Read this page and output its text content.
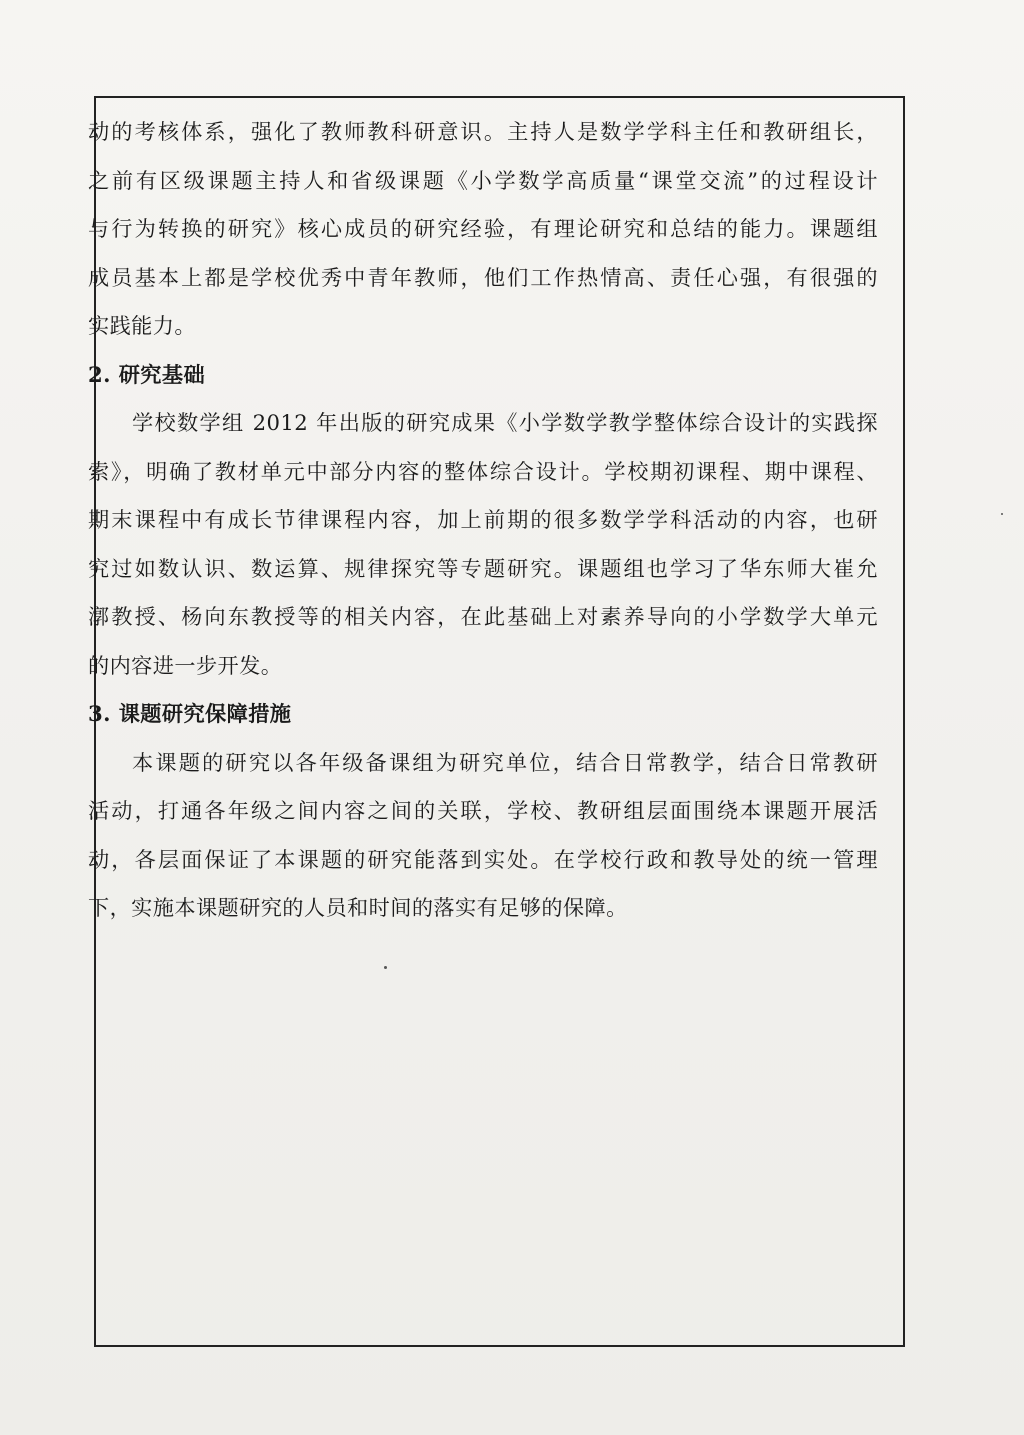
动的考核体系，强化了教师教科研意识。主持人是数学学科主任和教研组长，
之前有区级课题主持人和省级课题《小学数学高质量“课堂交流”的过程设计
与行为转换的研究》核心成员的研究经验，有理论研究和总结的能力。课题组
成员基本上都是学校优秀中青年教师，他们工作热情高、责任心强，有很强的
实践能力。
2. 研究基础
学校数学组 2012 年出版的研究成果《小学数学教学整体综合设计的实践探
索》，明确了教材单元中部分内容的整体综合设计。学校期初课程、期中课程、
期末课程中有成长节律课程内容，加上前期的很多数学学科活动的内容，也研
究过如数认识、数运算、规律探究等专题研究。课题组也学习了华东师大崔允
漷教授、杨向东教授等的相关内容，在此基础上对素养导向的小学数学大单元
的内容进一步开发。
3. 课题研究保障措施
本课题的研究以各年级备课组为研究单位，结合日常教学，结合日常教研
活动，打通各年级之间内容之间的关联，学校、教研组层面围绕本课题开展活
动，各层面保证了本课题的研究能落到实处。在学校行政和教导处的统一管理
下，实施本课题研究的人员和时间的落实有足够的保障。
